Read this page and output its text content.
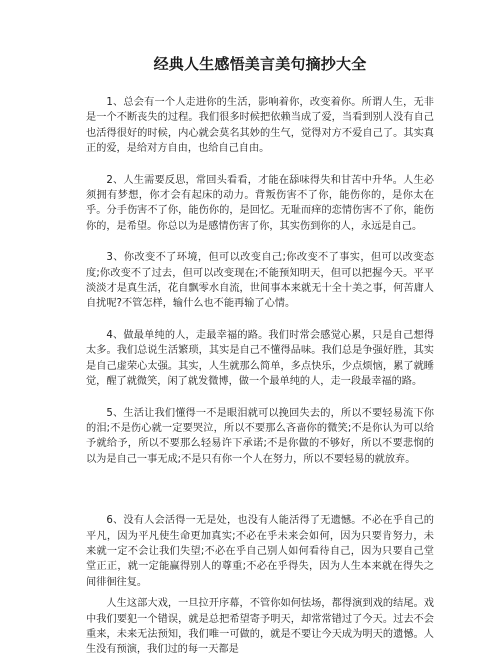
经典人生感悟美言美句摘抄大全

1、总会有一个人走进你的生活，影响着你，改变着你。所谓人生，无非是一个不断丧失的过程。我们很多时候把依赖当成了爱，当看到别人没有自己也活得很好的时候，内心就会莫名其妙的生气，觉得对方不爱自己了。其实真正的爱，是给对方自由，也给自己自由。

2、人生需要反思，常回头看看，才能在舔味得失和甘苦中升华。人生必须拥有梦想，你才会有起床的动力。背叛伤害不了你，能伤你的，是你太在乎。分手伤害不了你，能伤你的，是回忆。无耻而痒的恋情伤害不了你，能伤你的，是希望。你总以为是感情伤害了你，其实伤到你的人，永远是自己。

3、你改变不了环境，但可以改变自己;你改变不了事实，但可以改变态度;你改变不了过去，但可以改变现在;不能预知明天，但可以把握今天。平平淡淡才是真生活，花自飘零水自流，世间事本来就无十全十美之事，何苦庸人自扰呢?不管怎样，输什么也不能再输了心情。

4、做最单纯的人，走最幸福的路。我们时常会感觉心累，只是自己想得太多。我们总说生活繁琐，其实是自己不懂得品味。我们总是争强好胜，其实是自己虚荣心太强。其实，人生就那么简单，多点快乐，少点烦恼，累了就睡觉，醒了就微笑，闲了就发微博，做一个最单纯的人，走一段最幸福的路。

5、生活让我们懂得一不是眼泪就可以挽回失去的，所以不要轻易流下你的泪;不是伤心就一定要哭泣，所以不要那么吝啬你的微笑;不是你认为可以给予就给予，所以不要那么轻易许下承诺;不是你做的不够好，所以不要悲悯的以为是自己一事无成;不是只有你一个人在努力，所以不要轻易的就放弃。

6、没有人会活得一无是处，也没有人能活得了无遗憾。不必在乎自己的平凡，因为平凡使生命更加真实;不必在乎未来会如何，因为只要肯努力，未来就一定不会让我们失望;不必在乎自己别人如何看待自己，因为只要自己堂堂正正，就一定能赢得别人的尊重;不必在乎得失，因为人生本来就在得失之间徘徊往复。

人生这部大戏，一旦拉开序幕，不管你如何怯场，都得演到戏的结尾。戏中我们要犯一个错误，就是总把希望寄予明天，却常常错过了今天。过去不会重来，未来无法预知，我们唯一可做的，就是不要让今天成为明天的遗憾。人生没有预演，我们过的每一天都是
